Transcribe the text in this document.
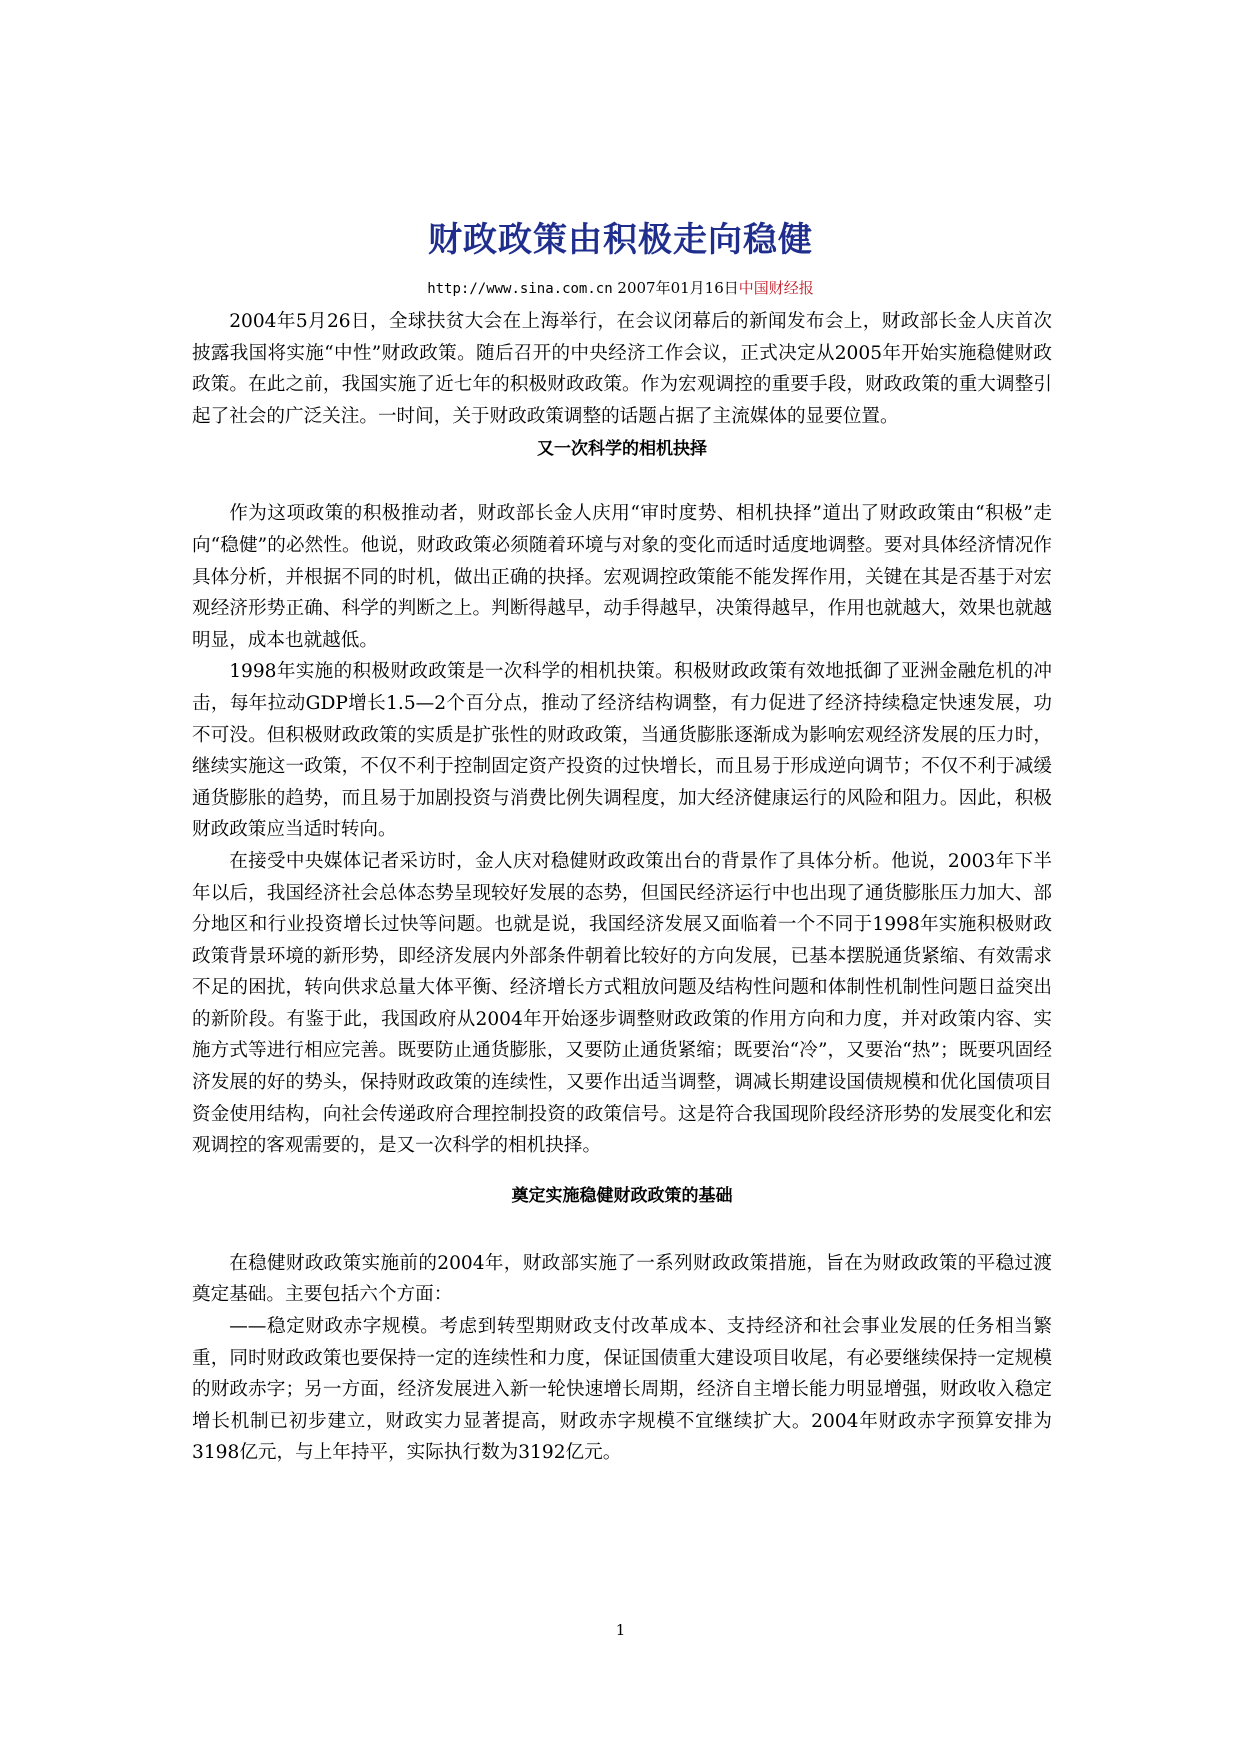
财政政策由积极走向稳健
http://www.sina.com.cn 2007年01月16日中国财经报

2004年5月26日，全球扶贫大会在上海举行，在会议闭幕后的新闻发布会上，财政部长金人庆首次披露我国将实施“中性”财政政策。随后召开的中央经济工作会议，正式决定从2005年开始实施稳健财政政策。在此之前，我国实施了近七年的积极财政政策。作为宏观调控的重要手段，财政政策的重大调整引起了社会的广泛关注。一时间，关于财政政策调整的话题占据了主流媒体的显要位置。

又一次科学的相机抉择

作为这项政策的积极推动者，财政部长金人庆用“审时度势、相机抉择”道出了财政政策由“积极”走向“稳健”的必然性。他说，财政政策必须随着环境与对象的变化而适时适度地调整。要对具体经济情况作具体分析，并根据不同的时机，做出正确的抉择。宏观调控政策能不能发挥作用，关键在其是否基于对宏观经济形势正确、科学的判断之上。判断得越早，动手得越早，决策得越早，作用也就越大，效果也就越明显，成本也就越低。

1998年实施的积极财政政策是一次科学的相机抉策。积极财政政策有效地抵御了亚洲金融危机的冲击，每年拉动GDP增长1.5—2个百分点，推动了经济结构调整，有力促进了经济持续稳定快速发展，功不可没。但积极财政政策的实质是扩张性的财政政策，当通货膨胀逐渐成为影响宏观经济发展的压力时，继续实施这一政策，不仅不利于控制固定资产投资的过快增长，而且易于形成逆向调节；不仅不利于减缓通货膨胀的趋势，而且易于加剧投资与消费比例失调程度，加大经济健康运行的风险和阻力。因此，积极财政政策应当适时转向。

在接受中央媒体记者采访时，金人庆对稳健财政政策出台的背景作了具体分析。他说，2003年下半年以后，我国经济社会总体态势呈现较好发展的态势，但国民经济运行中也出现了通货膨胀压力加大、部分地区和行业投资增长过快等问题。也就是说，我国经济发展又面临着一个不同于1998年实施积极财政政策背景环境的新形势，即经济发展内外部条件朝着比较好的方向发展，已基本摆脱通货紧缩、有效需求不足的困扰，转向供求总量大体平衡、经济增长方式粗放问题及结构性问题和体制性机制性问题日益突出的新阶段。有鉴于此，我国政府从2004年开始逐步调整财政政策的作用方向和力度，并对政策内容、实施方式等进行相应完善。既要防止通货膨胀，又要防止通货紧缩；既要治“冷”，又要治“热”；既要巩固经济发展的好的势头，保持财政政策的连续性，又要作出适当调整，调减长期建设国债规模和优化国债项目资金使用结构，向社会传递政府合理控制投资的政策信号。这是符合我国现阶段经济形势的发展变化和宏观调控的客观需要的，是又一次科学的相机抉择。

奠定实施稳健财政政策的基础

在稳健财政政策实施前的2004年，财政部实施了一系列财政政策措施，旨在为财政政策的平稳过渡奠定基础。主要包括六个方面：

——稳定财政赤字规模。考虑到转型期财政支付改革成本、支持经济和社会事业发展的任务相当繁重，同时财政政策也要保持一定的连续性和力度，保证国债重大建设项目收尾，有必要继续保持一定规模的财政赤字；另一方面，经济发展进入新一轮快速增长周期，经济自主增长能力明显增强，财政收入稳定增长机制已初步建立，财政实力显著提高，财政赤字规模不宜继续扩大。2004年财政赤字预算安排为3198亿元，与上年持平，实际执行数为3192亿元。

1
